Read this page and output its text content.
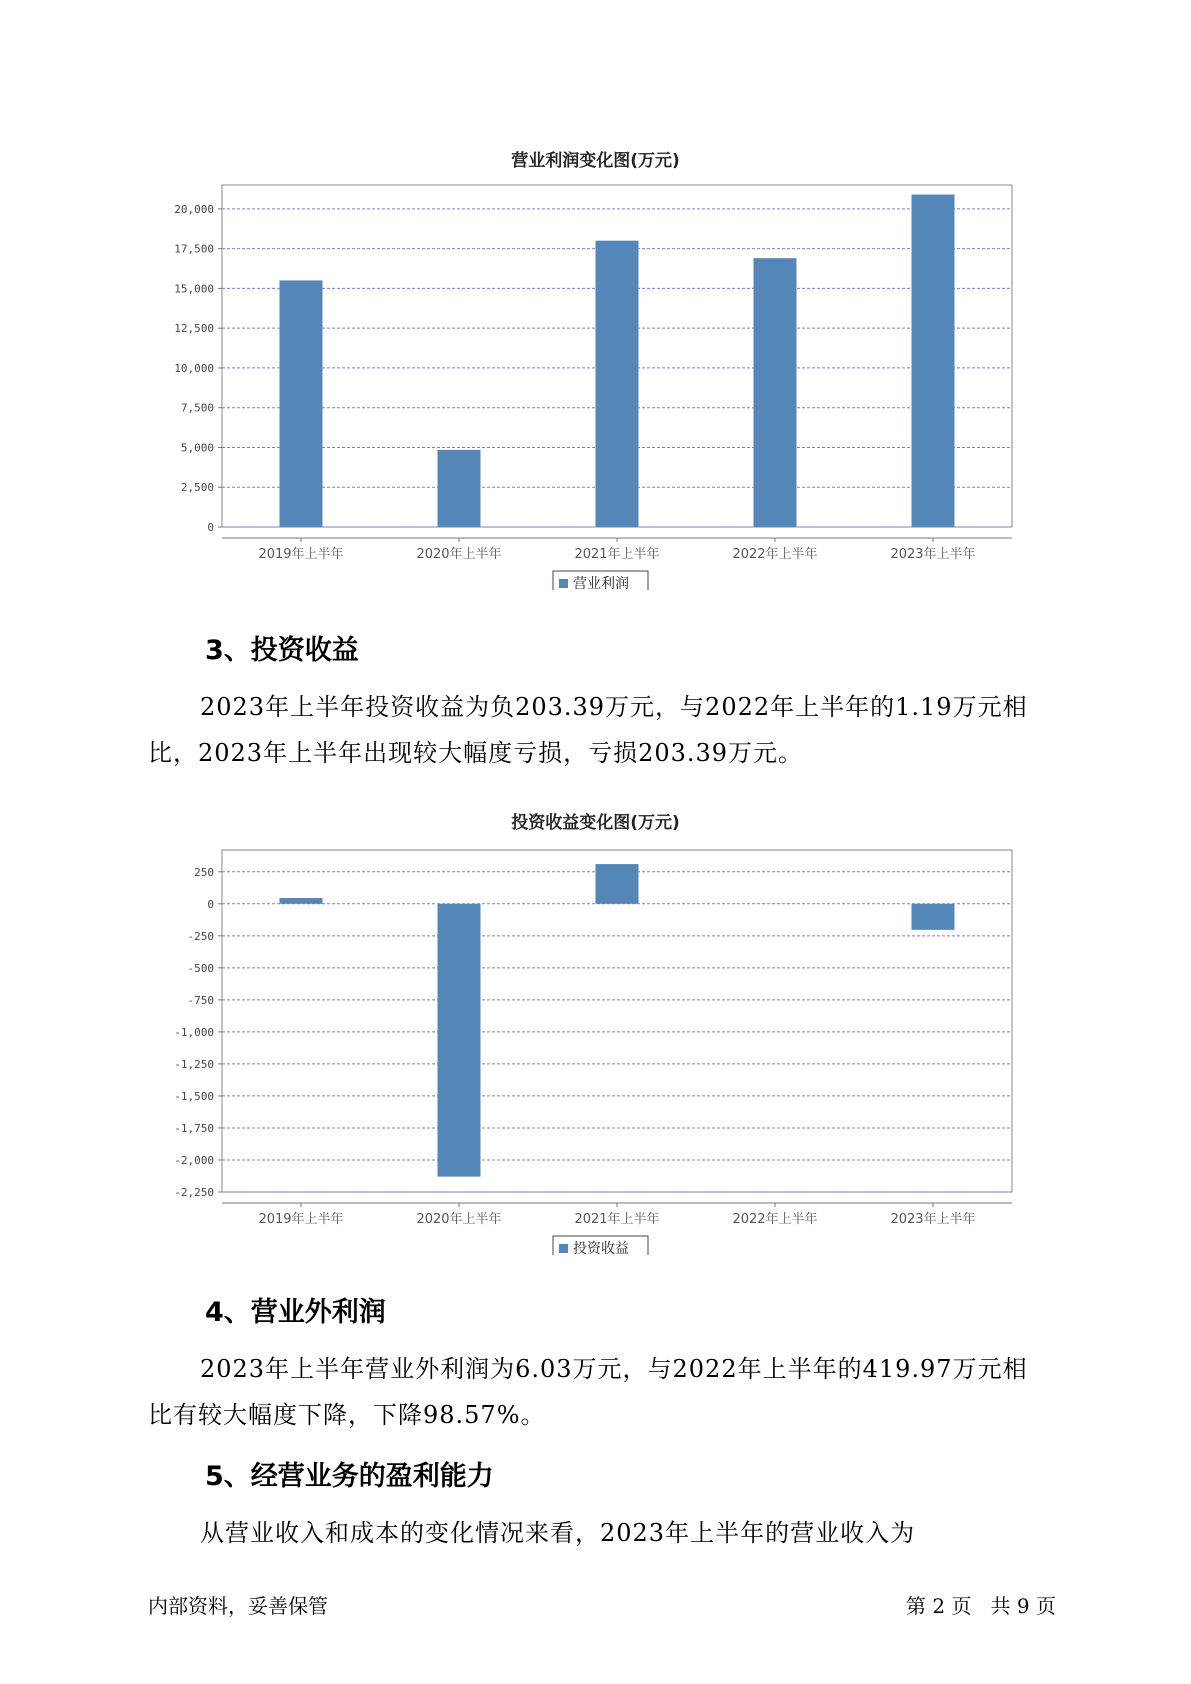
营业利润变化图(万元)
0
2,500
5,000
7,500
10,000
12,500
15,000
17,500
20,000
2019年上半年	2020年上半年	2021年上半年	2022年上半年	2023年上半年
营业利润
3、投资收益
2023年上半年投资收益为负203.39万元，与2022年上半年的1.19万元相比，2023年上半年出现较大幅度亏损，亏损203.39万元。
投资收益变化图(万元)
-2,250
-2,000
-1,750
-1,500
-1,250
-1,000
-750
-500
-250
0
250
2019年上半年	2020年上半年	2021年上半年	2022年上半年	2023年上半年
投资收益
4、营业外利润
2023年上半年营业外利润为6.03万元，与2022年上半年的419.97万元相比有较大幅度下降，下降98.57%。
5、经营业务的盈利能力
从营业收入和成本的变化情况来看，2023年上半年的营业收入为
内部资料，妥善保管	第 2 页   共 9 页
